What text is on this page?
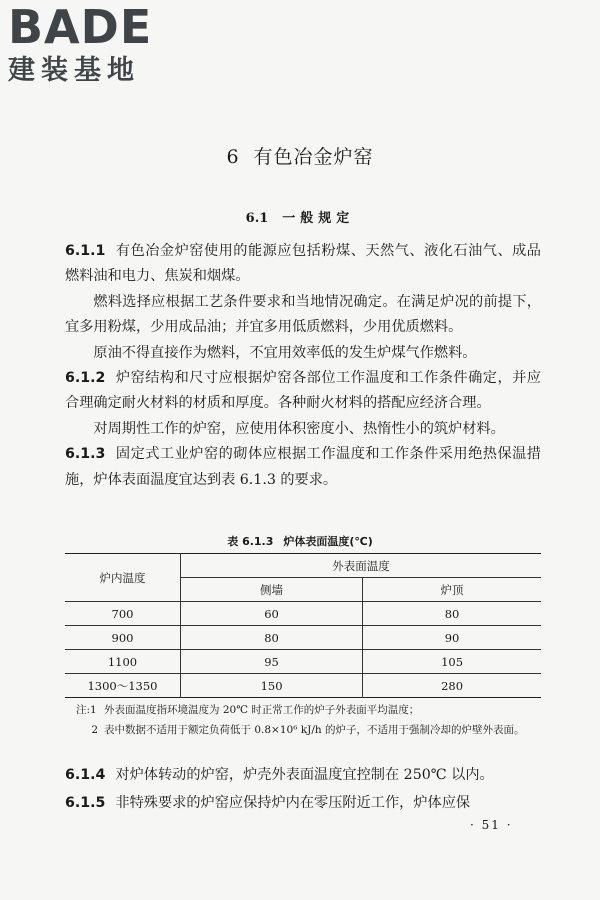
BADE
建装基地
6 有色冶金炉窑
6.1 一般规定

6.1.1 有色冶金炉窑使用的能源应包括粉煤、天然气、液化石油气、成品燃料油和电力、焦炭和烟煤。

燃料选择应根据工艺条件要求和当地情况确定。在满足炉况的前提下，宜多用粉煤，少用成品油；并宜多用低质燃料，少用优质燃料。

原油不得直接作为燃料，不宜用效率低的发生炉煤气作燃料。

6.1.2 炉窑结构和尺寸应根据炉窑各部位工作温度和工作条件确定，并应合理确定耐火材料的材质和厚度。各种耐火材料的搭配应经济合理。

对周期性工作的炉窑，应使用体积密度小、热惰性小的筑炉材料。

6.1.3 固定式工业炉窑的砌体应根据工作温度和工作条件采用绝热保温措施，炉体表面温度宜达到表 6.1.3 的要求。

表 6.1.3 炉体表面温度(℃)
炉内温度	外表面温度	
	侧墙	炉顶
700	60	80
900	80	90
1100	95	105
1300～1350	150	280
注:1 外表面温度指环境温度为 20℃ 时正常工作的炉子外表面平均温度；
2 表中数据不适用于额定负荷低于 0.8×10⁶ kJ/h 的炉子，不适用于强制冷却的炉壁外表面。

6.1.4 对炉体转动的炉窑，炉壳外表面温度宜控制在 250℃ 以内。

6.1.5 非特殊要求的炉窑应保持炉内在零压附近工作，炉体应保

· 51 ·
